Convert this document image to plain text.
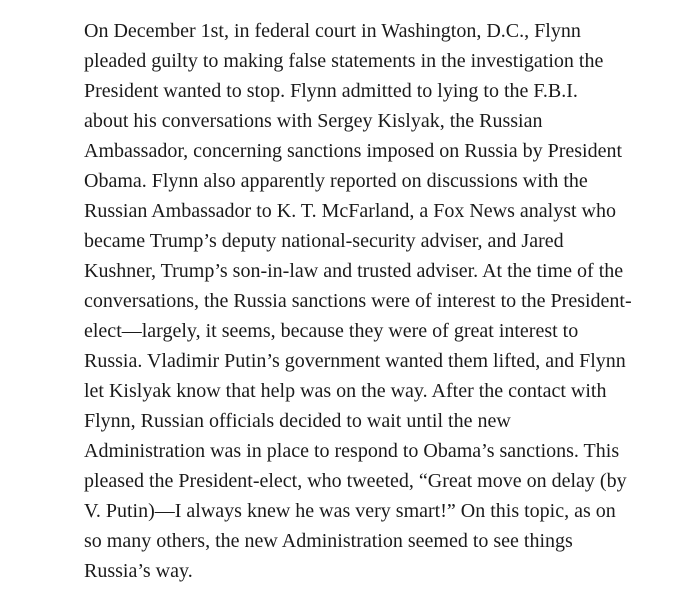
On December 1st, in federal court in Washington, D.C., Flynn
pleaded guilty to making false statements in the investigation the
President wanted to stop. Flynn admitted to lying to the F.B.I.
about his conversations with Sergey Kislyak, the Russian
Ambassador, concerning sanctions imposed on Russia by President
Obama. Flynn also apparently reported on discussions with the
Russian Ambassador to K. T. McFarland, a Fox News analyst who
became Trump’s deputy national-security adviser, and Jared
Kushner, Trump’s son-in-law and trusted adviser. At the time of the
conversations, the Russia sanctions were of interest to the President-
elect—largely, it seems, because they were of great interest to
Russia. Vladimir Putin’s government wanted them lifted, and Flynn
let Kislyak know that help was on the way. After the contact with
Flynn, Russian officials decided to wait until the new
Administration was in place to respond to Obama’s sanctions. This
pleased the President-elect, who tweeted, “Great move on delay (by
V. Putin)—I always knew he was very smart!” On this topic, as on
so many others, the new Administration seemed to see things
Russia’s way.
